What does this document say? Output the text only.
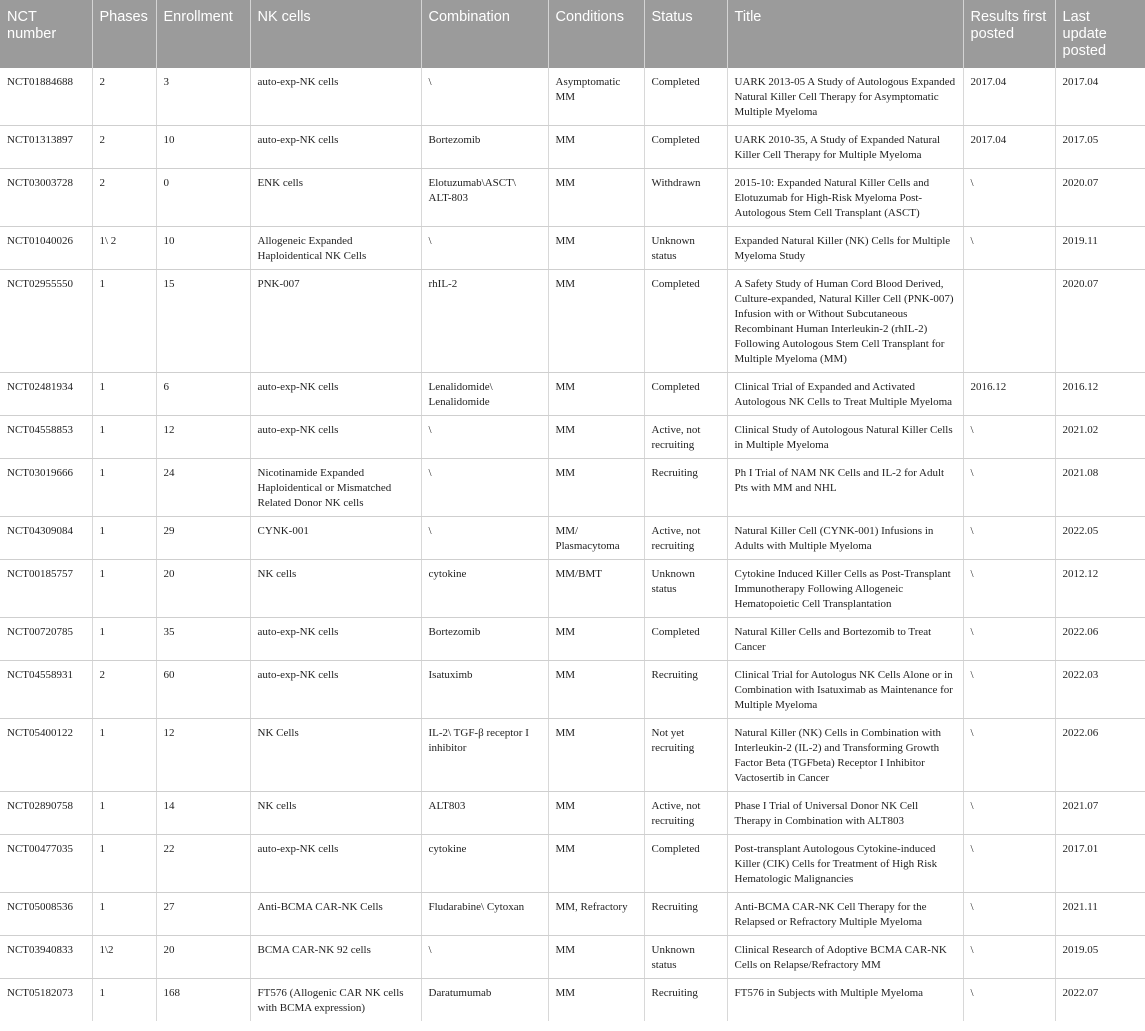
NCT number	Phases	Enrollment	NK cells	Combination	Conditions	Status	Title	Results first posted	Last update posted
NCT01884688	2	3	auto-exp-NK cells	\	Asymptomatic MM	Completed	UARK 2013-05 A Study of Autologous Expanded Natural Killer Cell Therapy for Asymptomatic Multiple Myeloma	2017.04	2017.04
NCT01313897	2	10	auto-exp-NK cells	Bortezomib	MM	Completed	UARK 2010-35, A Study of Expanded Natural Killer Cell Therapy for Multiple Myeloma	2017.04	2017.05
NCT03003728	2	0	ENK cells	Elotuzumab\ASCT\ ALT-803	MM	Withdrawn	2015-10: Expanded Natural Killer Cells and Elotuzumab for High-Risk Myeloma Post-Autologous Stem Cell Transplant (ASCT)	\	2020.07
NCT01040026	1\ 2	10	Allogeneic Expanded Haploidentical NK Cells	\	MM	Unknown status	Expanded Natural Killer (NK) Cells for Multiple Myeloma Study	\	2019.11
NCT02955550	1	15	PNK-007	rhIL-2	MM	Completed	A Safety Study of Human Cord Blood Derived, Culture-expanded, Natural Killer Cell (PNK-007) Infusion with or Without Subcutaneous Recombinant Human Interleukin-2 (rhIL-2) Following Autologous Stem Cell Transplant for Multiple Myeloma (MM)		2020.07
NCT02481934	1	6	auto-exp-NK cells	Lenalidomide\ Lenalidomide	MM	Completed	Clinical Trial of Expanded and Activated Autologous NK Cells to Treat Multiple Myeloma	2016.12	2016.12
NCT04558853	1	12	auto-exp-NK cells	\	MM	Active, not recruiting	Clinical Study of Autologous Natural Killer Cells in Multiple Myeloma	\	2021.02
NCT03019666	1	24	Nicotinamide Expanded Haploidentical or Mismatched Related Donor NK cells	\	MM	Recruiting	Ph I Trial of NAM NK Cells and IL-2 for Adult Pts with MM and NHL	\	2021.08
NCT04309084	1	29	CYNK-001	\	MM/ Plasmacytoma	Active, not recruiting	Natural Killer Cell (CYNK-001) Infusions in Adults with Multiple Myeloma	\	2022.05
NCT00185757	1	20	NK cells	cytokine	MM/BMT	Unknown status	Cytokine Induced Killer Cells as Post-Transplant Immunotherapy Following Allogeneic Hematopoietic Cell Transplantation	\	2012.12
NCT00720785	1	35	auto-exp-NK cells	Bortezomib	MM	Completed	Natural Killer Cells and Bortezomib to Treat Cancer	\	2022.06
NCT04558931	2	60	auto-exp-NK cells	Isatuximb	MM	Recruiting	Clinical Trial for Autologus NK Cells Alone or in Combination with Isatuximab as Maintenance for Multiple Myeloma	\	2022.03
NCT05400122	1	12	NK Cells	IL-2\ TGF-β receptor I inhibitor	MM	Not yet recruiting	Natural Killer (NK) Cells in Combination with Interleukin-2 (IL-2) and Transforming Growth Factor Beta (TGFbeta) Receptor I Inhibitor Vactosertib in Cancer	\	2022.06
NCT02890758	1	14	NK cells	ALT803	MM	Active, not recruiting	Phase I Trial of Universal Donor NK Cell Therapy in Combination with ALT803	\	2021.07
NCT00477035	1	22	auto-exp-NK cells	cytokine	MM	Completed	Post-transplant Autologous Cytokine-induced Killer (CIK) Cells for Treatment of High Risk Hematologic Malignancies	\	2017.01
NCT05008536	1	27	Anti-BCMA CAR-NK Cells	Fludarabine\ Cytoxan	MM, Refractory	Recruiting	Anti-BCMA CAR-NK Cell Therapy for the Relapsed or Refractory Multiple Myeloma	\	2021.11
NCT03940833	1\2	20	BCMA CAR-NK 92 cells	\	MM	Unknown status	Clinical Research of Adoptive BCMA CAR-NK Cells on Relapse/Refractory MM	\	2019.05
NCT05182073	1	168	FT576 (Allogenic CAR NK cells with BCMA expression)	Daratumumab	MM	Recruiting	FT576 in Subjects with Multiple Myeloma	\	2022.07
